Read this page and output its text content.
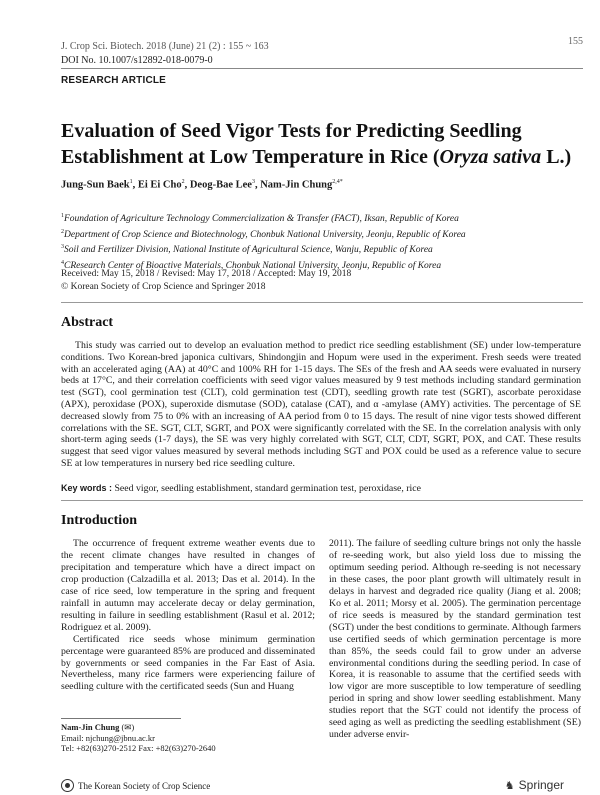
J. Crop Sci. Biotech. 2018 (June) 21 (2) : 155 ~ 163
DOI No. 10.1007/s12892-018-0079-0
155
RESEARCH ARTICLE
Evaluation of Seed Vigor Tests for Predicting Seedling Establishment at Low Temperature in Rice (Oryza sativa L.)
Jung-Sun Baek$^1$, Ei Ei Cho$^2$, Deog-Bae Lee$^3$, Nam-Jin Chung$^{2,4*}$
$^1$Foundation of Agriculture Technology Commercialization & Transfer (FACT), Iksan, Republic of Korea
$^2$Department of Crop Science and Biotechnology, Chonbuk National University, Jeonju, Republic of Korea
$^3$Soil and Fertilizer Division, National Institute of Agricultural Science, Wanju, Republic of Korea
$^4$CResearch Center of Bioactive Materials, Chonbuk National University, Jeonju, Republic of Korea
Received: May 15, 2018 / Revised: May 17, 2018 / Accepted: May 19, 2018
© Korean Society of Crop Science and Springer 2018
Abstract
This study was carried out to develop an evaluation method to predict rice seedling establishment (SE) under low-temperature conditions. Two Korean-bred japonica cultivars, Shindongjin and Hopum were used in the experiment. Fresh seeds were treated with an accelerated aging (AA) at 40°C and 100% RH for 1-15 days. The SEs of the fresh and AA seeds were evaluated in nursery beds at 17°C, and their correlation coefficients with seed vigor values measured by 9 test methods including standard germination test (SGT), cool germination test (CLT), cold germination test (CDT), seedling growth rate test (SGRT), ascorbate peroxidase (APX), peroxidase (POX), superoxide dismutase (SOD), catalase (CAT), and α -amylase (AMY) activities. The percentage of SE decreased slowly from 75 to 0% with an increasing of AA period from 0 to 15 days. The result of nine vigor tests showed different correlations with the SE. SGT, CLT, SGRT, and POX were significantly correlated with the SE. In the correlation analysis with only short-term aging seeds (1-7 days), the SE was very highly correlated with SGT, CLT, CDT, SGRT, POX, and CAT. These results suggest that seed vigor values measured by several methods including SGT and POX could be used as a reference value to secure SE at low temperatures in nursery bed rice seedling culture.
Key words : Seed vigor, seedling establishment, standard germination test, peroxidase, rice
Introduction

The occurrence of frequent extreme weather events due to the recent climate changes have resulted in changes of precipitation and temperature which have a direct impact on crop production (Calzadilla et al. 2013; Das et al. 2014). In the case of rice seed, low temperature in the spring and frequent rainfall in autumn may accelerate decay or delay germination, resulting in failure in seedling establishment (Rasul et al. 2012; Rodriguez et al. 2009).

Certificated rice seeds whose minimum germination percentage were guaranteed 85% are produced and disseminated by governments or seed companies in the Far East of Asia. Nevertheless, many rice farmers were experiencing failure of seedling culture with the certificated seeds (Sun and Huang

2011). The failure of seedling culture brings not only the hassle of re-seeding work, but also yield loss due to missing the optimum seeding period. Although re-seeding is not necessary in these cases, the poor plant growth will ultimately result in delays in harvest and degraded rice quality (Jiang et al. 2008; Ko et al. 2011; Morsy et al. 2005). The germination percentage of rice seeds is measured by the standard germination test (SGT) under the best conditions to germinate. Although farmers use certified seeds of which germination percentage is more than 85%, the seeds could fail to grow under an adverse environmental conditions during the seedling period. In case of Korea, it is reasonable to assume that the certified seeds with low vigor are more susceptible to low temperature of seedling period in spring and show lower seedling establishment. Many studies report that the SGT could not identify the process of seed aging as well as predicting the seedling establishment (SE) under adverse envir-

Nam-Jin Chung (✉)
Email: njchung@jbnu.ac.kr
Tel: +82(63)270-2512 Fax: +82(63)270-2640
The Korean Society of Crop Science	♞ Springer
